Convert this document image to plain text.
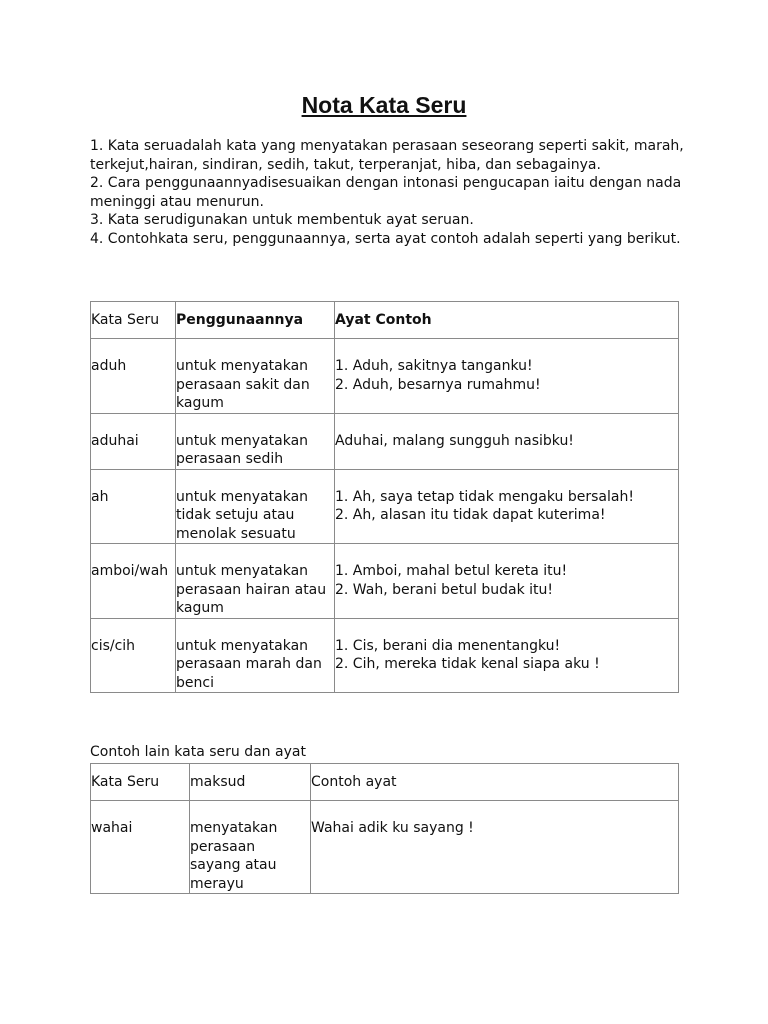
Nota Kata Seru

1. Kata seruadalah kata yang menyatakan perasaan seseorang seperti sakit, marah, terkejut,hairan, sindiran, sedih, takut, terperanjat, hiba, dan sebagainya.

2. Cara penggunaannyadisesuaikan dengan intonasi pengucapan iaitu dengan nada meninggi atau menurun.

3. Kata serudigunakan untuk membentuk ayat seruan.

4. Contohkata seru, penggunaannya, serta ayat contoh adalah seperti yang berikut.

Kata Seru	Penggunaannya	Ayat Contoh

aduh	untuk menyatakan perasaan sakit dan kagum	1. Aduh, sakitnya tanganku!
2. Aduh, besarnya rumahmu!

aduhai	untuk menyatakan perasaan sedih	Aduhai, malang sungguh nasibku!

ah	untuk menyatakan tidak setuju atau menolak sesuatu	1. Ah, saya tetap tidak mengaku bersalah!
2. Ah, alasan itu tidak dapat kuterima!

amboi/wah	untuk menyatakan perasaan hairan atau kagum	1. Amboi, mahal betul kereta itu!
2. Wah, berani betul budak itu!

cis/cih	untuk menyatakan perasaan marah dan benci	1. Cis, berani dia menentangku!
2. Cih, mereka tidak kenal siapa aku !
Contoh lain kata seru dan ayat
Kata Seru	maksud	Contoh ayat

wahai	menyatakan perasaan sayang atau merayu	Wahai adik ku sayang !
